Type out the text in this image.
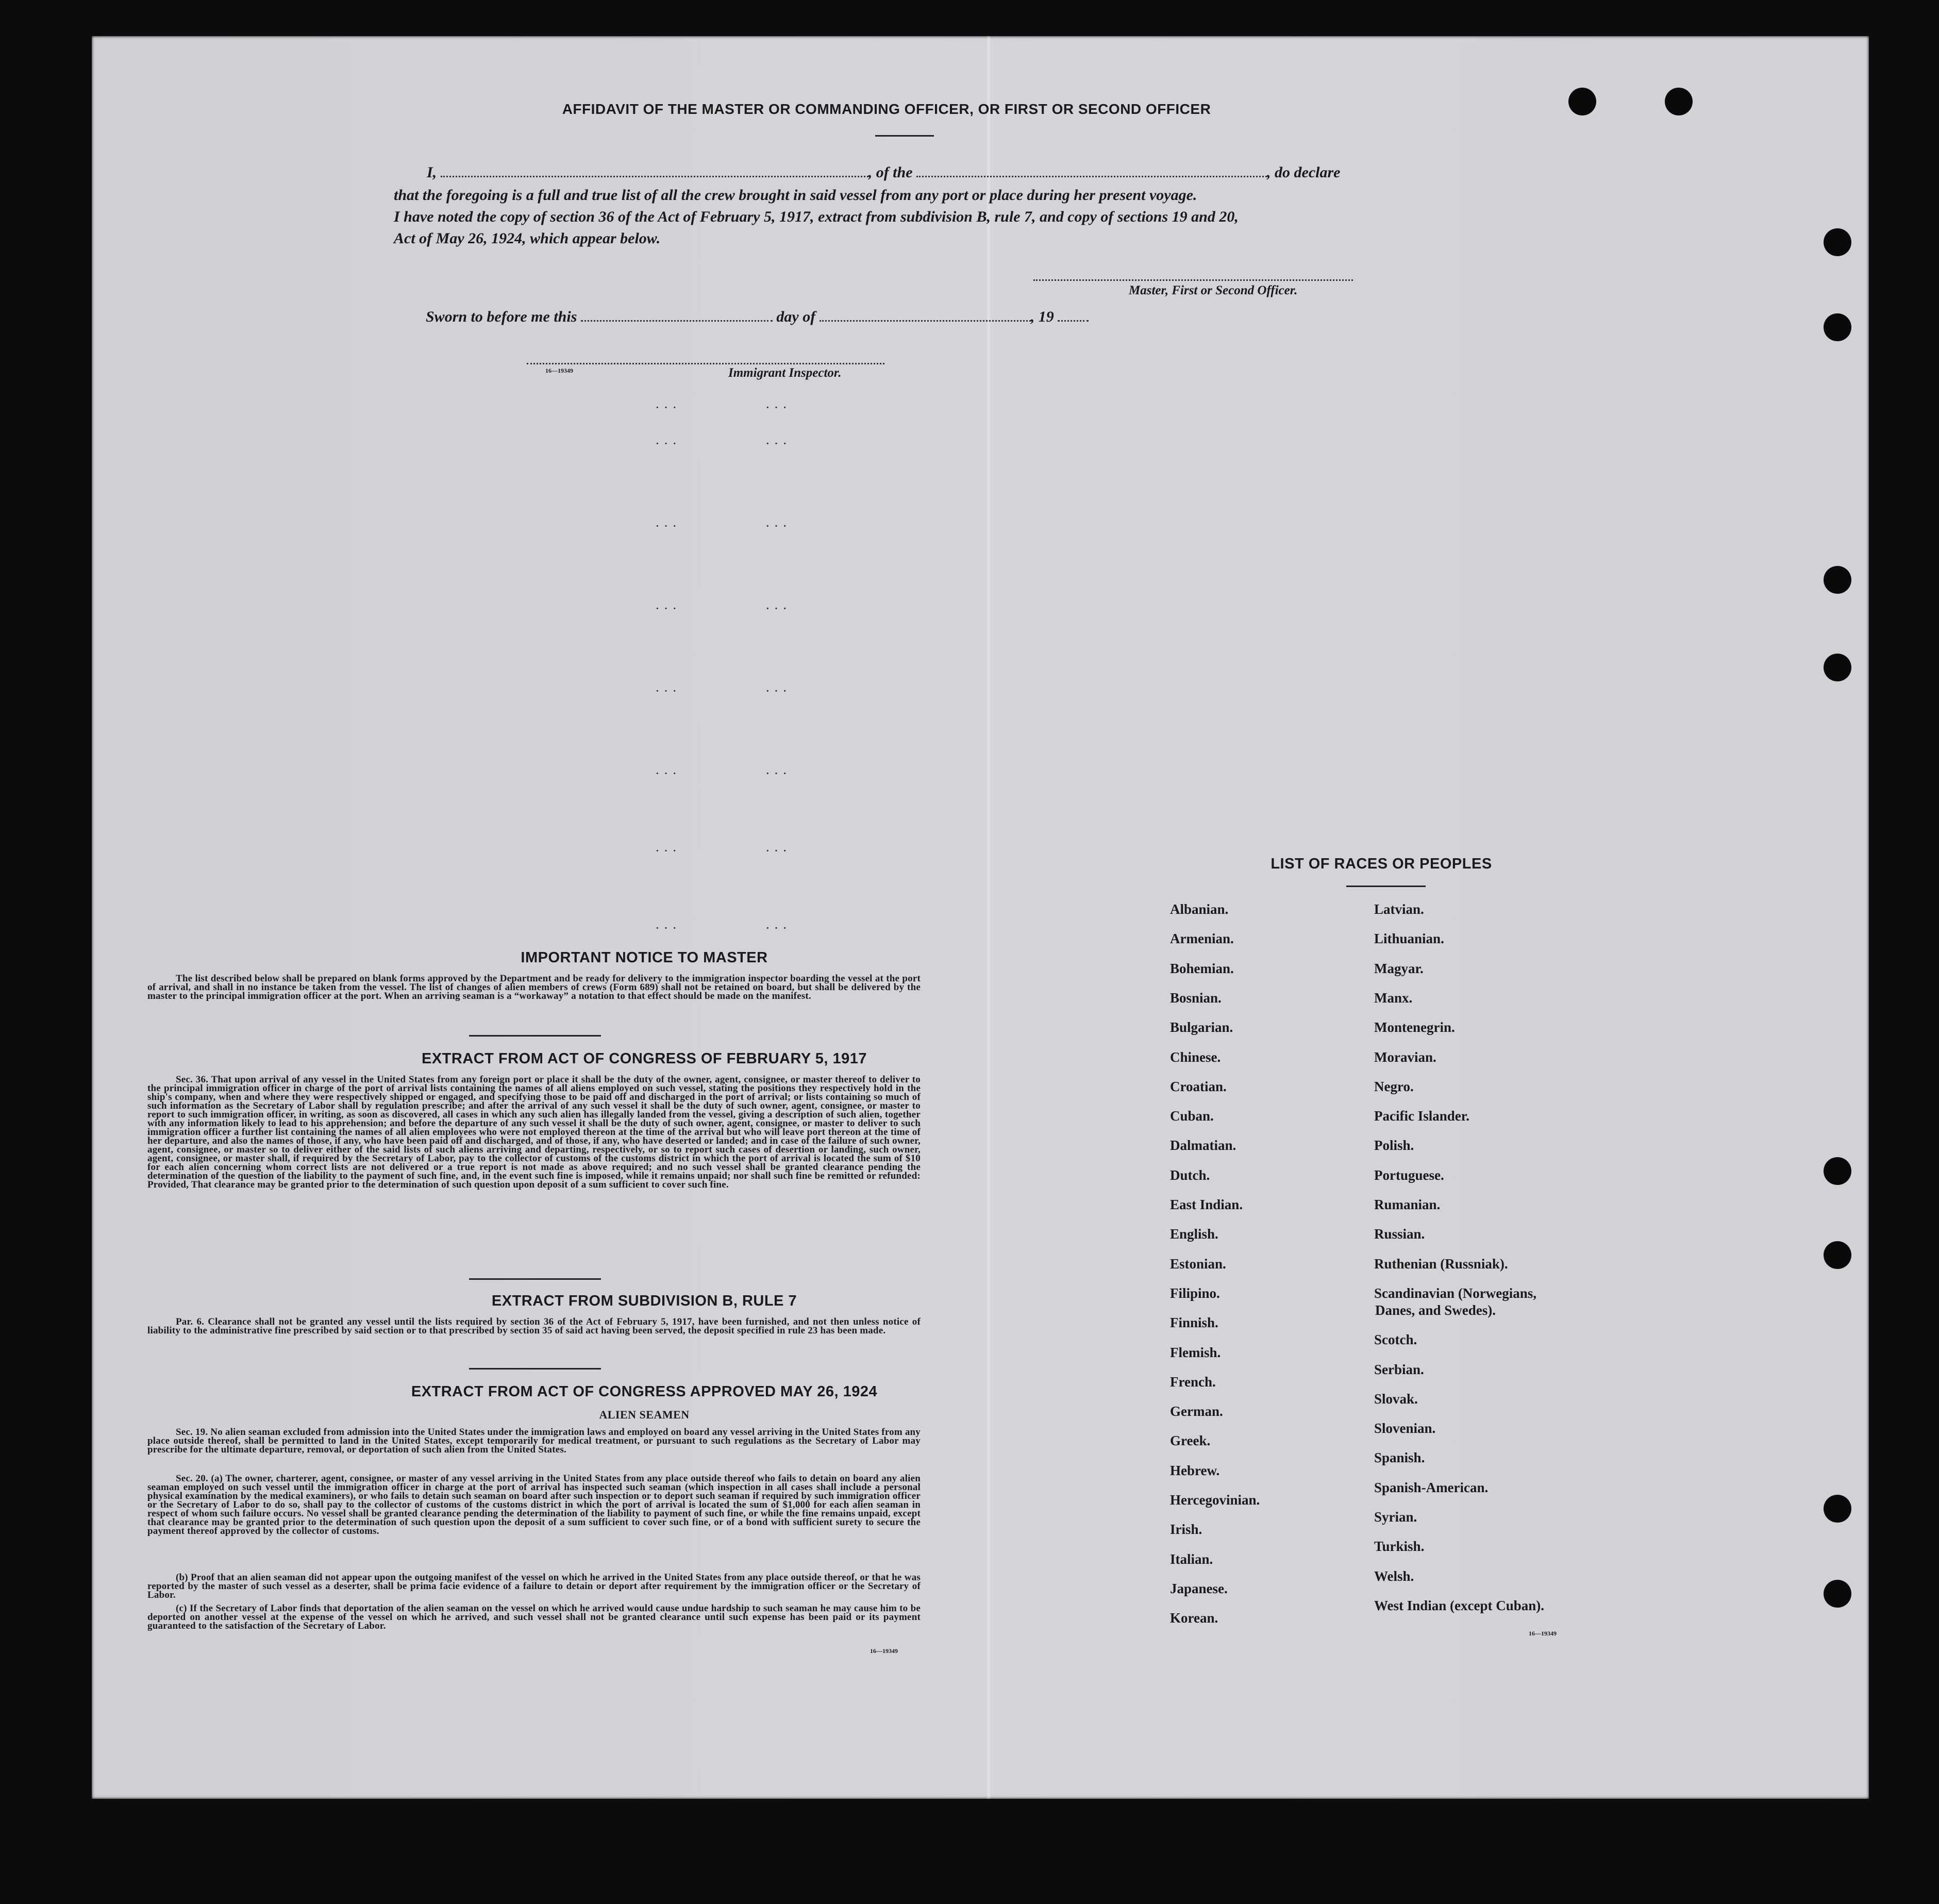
AFFIDAVIT OF THE MASTER OR COMMANDING OFFICER, OR FIRST OR SECOND OFFICER
I,	, of the	, do declare
that the foregoing is a full and true list of all the crew brought in said vessel from any port or place during her present voyage.
I have noted the copy of section 36 of the Act of February 5, 1917, extract from subdivision B, rule 7, and copy of sections 19 and 20,
Act of May 26, 1924, which appear below.
Master, First or Second Officer.
Sworn to before me this	day of	, 19
16—19349	Immigrant Inspector.
···	···
···	···
···	···
···	···
···	···
···	···
···	···
···	···
IMPORTANT NOTICE TO MASTER
The list described below shall be prepared on blank forms approved by the Department and be ready for delivery to the immigration inspector boarding the vessel at the port of arrival, and shall in no instance be taken from the vessel. The list of changes of alien members of crews (Form 689) shall not be retained on board, but shall be delivered by the master to the principal immigration officer at the port. When an arriving seaman is a “workaway” a notation to that effect should be made on the manifest.
EXTRACT FROM ACT OF CONGRESS OF FEBRUARY 5, 1917
Sec. 36. That upon arrival of any vessel in the United States from any foreign port or place it shall be the duty of the owner, agent, consignee, or master thereof to deliver to the principal immigration officer in charge of the port of arrival lists containing the names of all aliens employed on such vessel, stating the positions they respectively hold in the ship's company, when and where they were respectively shipped or engaged, and specifying those to be paid off and discharged in the port of arrival; or lists containing so much of such information as the Secretary of Labor shall by regulation prescribe; and after the arrival of any such vessel it shall be the duty of such owner, agent, consignee, or master to report to such immigration officer, in writing, as soon as discovered, all cases in which any such alien has illegally landed from the vessel, giving a description of such alien, together with any information likely to lead to his apprehension; and before the departure of any such vessel it shall be the duty of such owner, agent, consignee, or master to deliver to such immigration officer a further list containing the names of all alien employees who were not employed thereon at the time of the arrival but who will leave port thereon at the time of her departure, and also the names of those, if any, who have been paid off and discharged, and of those, if any, who have deserted or landed; and in case of the failure of such owner, agent, consignee, or master so to deliver either of the said lists of such aliens arriving and departing, respectively, or so to report such cases of desertion or landing, such owner, agent, consignee, or master shall, if required by the Secretary of Labor, pay to the collector of customs of the customs district in which the port of arrival is located the sum of $10 for each alien concerning whom correct lists are not delivered or a true report is not made as above required; and no such vessel shall be granted clearance pending the determination of the question of the liability to the payment of such fine, and, in the event such fine is imposed, while it remains unpaid; nor shall such fine be remitted or refunded: Provided, That clearance may be granted prior to the determination of such question upon deposit of a sum sufficient to cover such fine.
EXTRACT FROM SUBDIVISION B, RULE 7
Par. 6. Clearance shall not be granted any vessel until the lists required by section 36 of the Act of February 5, 1917, have been furnished, and not then unless notice of liability to the administrative fine prescribed by said section or to that prescribed by section 35 of said act having been served, the deposit specified in rule 23 has been made.
EXTRACT FROM ACT OF CONGRESS APPROVED MAY 26, 1924
ALIEN SEAMEN
Sec. 19. No alien seaman excluded from admission into the United States under the immigration laws and employed on board any vessel arriving in the United States from any place outside thereof, shall be permitted to land in the United States, except temporarily for medical treatment, or pursuant to such regulations as the Secretary of Labor may prescribe for the ultimate departure, removal, or deportation of such alien from the United States.
Sec. 20. (a) The owner, charterer, agent, consignee, or master of any vessel arriving in the United States from any place outside thereof who fails to detain on board any alien seaman employed on such vessel until the immigration officer in charge at the port of arrival has inspected such seaman (which inspection in all cases shall include a personal physical examination by the medical examiners), or who fails to detain such seaman on board after such inspection or to deport such seaman if required by such immigration officer or the Secretary of Labor to do so, shall pay to the collector of customs of the customs district in which the port of arrival is located the sum of $1,000 for each alien seaman in respect of whom such failure occurs. No vessel shall be granted clearance pending the determination of the liability to payment of such fine, or while the fine remains unpaid, except that clearance may be granted prior to the determination of such question upon the deposit of a sum sufficient to cover such fine, or of a bond with sufficient surety to secure the payment thereof approved by the collector of customs.
(b) Proof that an alien seaman did not appear upon the outgoing manifest of the vessel on which he arrived in the United States from any place outside thereof, or that he was reported by the master of such vessel as a deserter, shall be prima facie evidence of a failure to detain or deport after requirement by the immigration officer or the Secretary of Labor.
(c) If the Secretary of Labor finds that deportation of the alien seaman on the vessel on which he arrived would cause undue hardship to such seaman he may cause him to be deported on another vessel at the expense of the vessel on which he arrived, and such vessel shall not be granted clearance until such expense has been paid or its payment guaranteed to the satisfaction of the Secretary of Labor.
16—19349
LIST OF RACES OR PEOPLES
Albanian.
Armenian.
Bohemian.
Bosnian.
Bulgarian.
Chinese.
Croatian.
Cuban.
Dalmatian.
Dutch.
East Indian.
English.
Estonian.
Filipino.
Finnish.
Flemish.
French.
German.
Greek.
Hebrew.
Hercegovinian.
Irish.
Italian.
Japanese.
Korean.
Latvian.
Lithuanian.
Magyar.
Manx.
Montenegrin.
Moravian.
Negro.
Pacific Islander.
Polish.
Portuguese.
Rumanian.
Russian.
Ruthenian (Russniak).
Scandinavian (Norwegians,
Danes, and Swedes).
Scotch.
Serbian.
Slovak.
Slovenian.
Spanish.
Spanish-American.
Syrian.
Turkish.
Welsh.
West Indian (except Cuban).
16—19349
